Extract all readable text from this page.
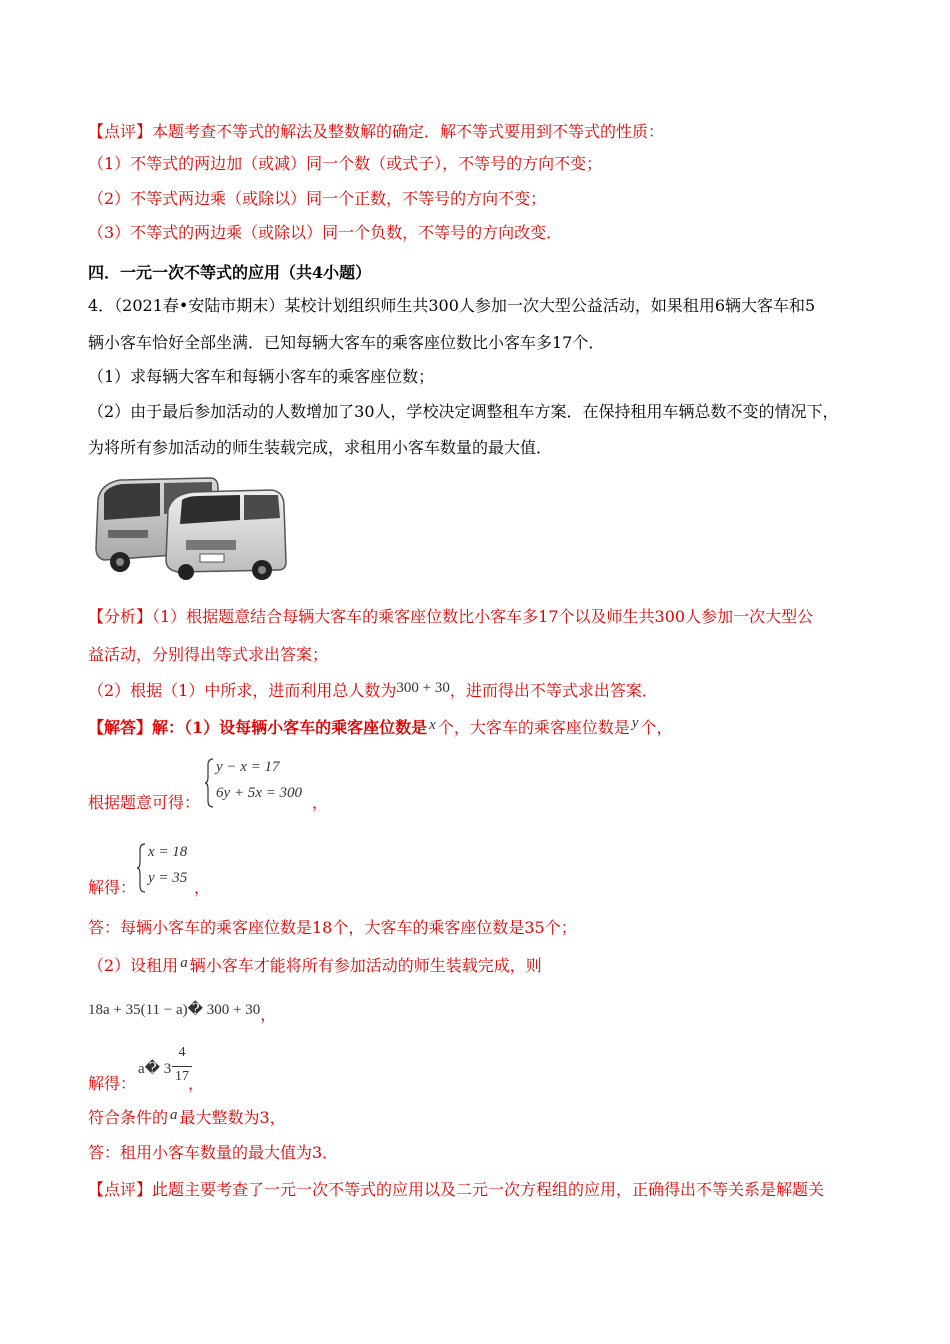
【点评】本题考查不等式的解法及整数解的确定．解不等式要用到不等式的性质：
（1）不等式的两边加（或减）同一个数（或式子），不等号的方向不变；
（2）不等式两边乘（或除以）同一个正数，不等号的方向不变；
（3）不等式的两边乘（或除以）同一个负数，不等号的方向改变．
四．一元一次不等式的应用（共4小题）
4．（2021春•安陆市期末）某校计划组织师生共300人参加一次大型公益活动，如果租用6辆大客车和5
辆小客车恰好全部坐满．已知每辆大客车的乘客座位数比小客车多17个．
（1）求每辆大客车和每辆小客车的乘客座位数；
（2）由于最后参加活动的人数增加了30人，学校决定调整租车方案．在保持租用车辆总数不变的情况下，
为将所有参加活动的师生装载完成，求租用小客车数量的最大值．
【分析】（1）根据题意结合每辆大客车的乘客座位数比小客车多17个以及师生共300人参加一次大型公
益活动，分别得出等式求出答案；
（2）根据（1）中所求，进而利用总人数为300 + 30，进而得出不等式求出答案．
【解答】解：（1）设每辆小客车的乘客座位数是 x 个，大客车的乘客座位数是 y 个，
根据题意可得：
y − x = 17
6y + 5x = 300 ，
解得：
x = 18
y = 35 ，
答：每辆小客车的乘客座位数是18个，大客车的乘客座位数是35个；
（2）设租用 a 辆小客车才能将所有参加活动的师生装载完成，则
18a + 35(11 − a)� 300 + 30，
解得：
a� 3
4
17 ，
符合条件的 a 最大整数为3，
答：租用小客车数量的最大值为3．
【点评】此题主要考查了一元一次不等式的应用以及二元一次方程组的应用，正确得出不等关系是解题关
